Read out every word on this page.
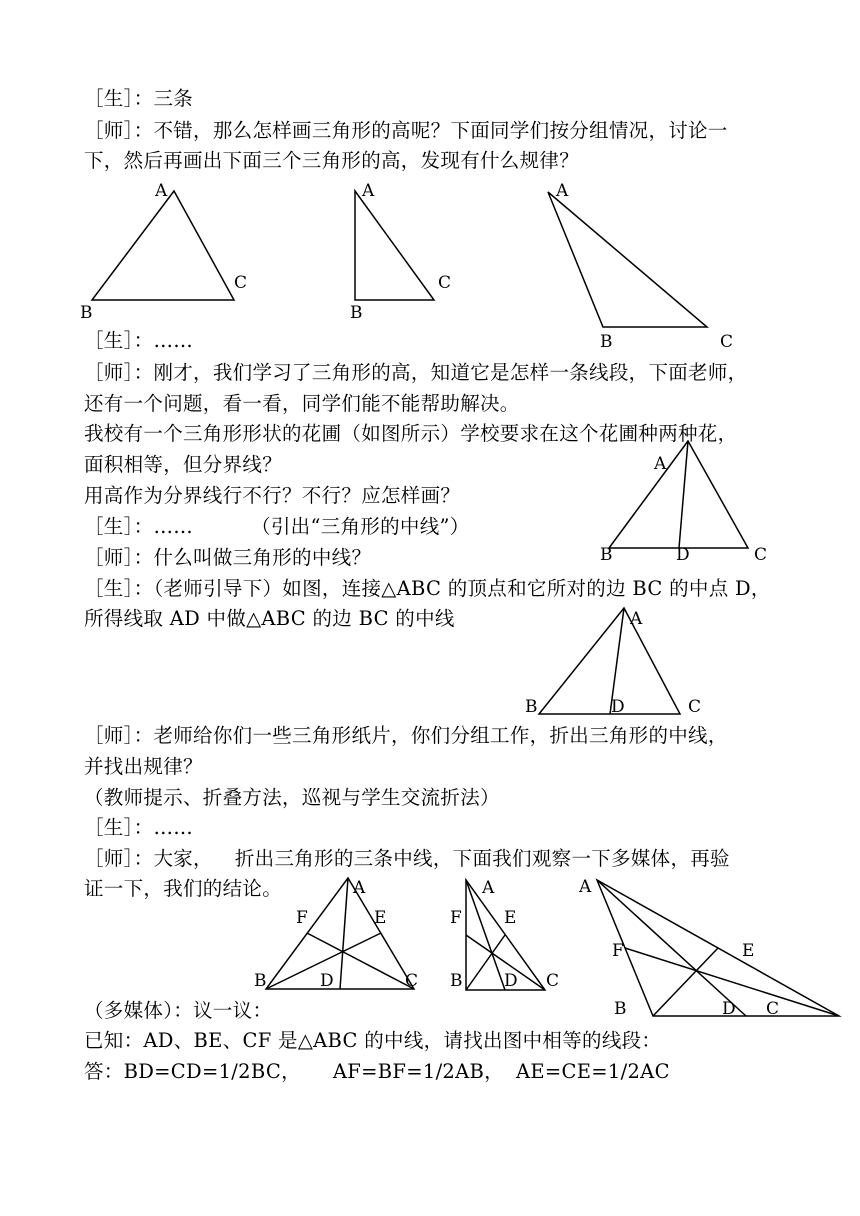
［生］：三条
［师］：不错，那么怎样画三角形的高呢？下面同学们按分组情况，讨论一
下，然后再画出下面三个三角形的高，发现有什么规律？
［生］：……
［师］：刚才，我们学习了三角形的高，知道它是怎样一条线段，下面老师，
还有一个问题，看一看，同学们能不能帮助解决。
我校有一个三角形形状的花圃（如图所示）学校要求在这个花圃种两种花，
面积相等，但分界线？
用高作为分界线行不行？不行？应怎样画？
［生］：……	（引出“三角形的中线”）
［师］：什么叫做三角形的中线？
［生］：（老师引导下）如图，连接△ABC 的顶点和它所对的边 BC 的中点 D，
所得线取 AD 中做△ABC 的边 BC 的中线
［师］：老师给你们一些三角形纸片，你们分组工作，折出三角形的中线，
并找出规律？
（教师提示、折叠方法，巡视与学生交流折法）
［生］：……
［师］：大家， 折出三角形的三条中线，下面我们观察一下多媒体，再验
证一下，我们的结论。
（多媒体）：议一议：
已知：AD、BE、CF 是△ABC 的中线，请找出图中相等的线段：
答：BD=CD=1/2BC， AF=BF=1/2AB， AE=CE=1/2AC
A
B
C
A
B
C
A
B	C
A
B	D	C
A
B	D	C
A
F	E
B	D	C
A
F E
B D C
A
F	E
B	D C
